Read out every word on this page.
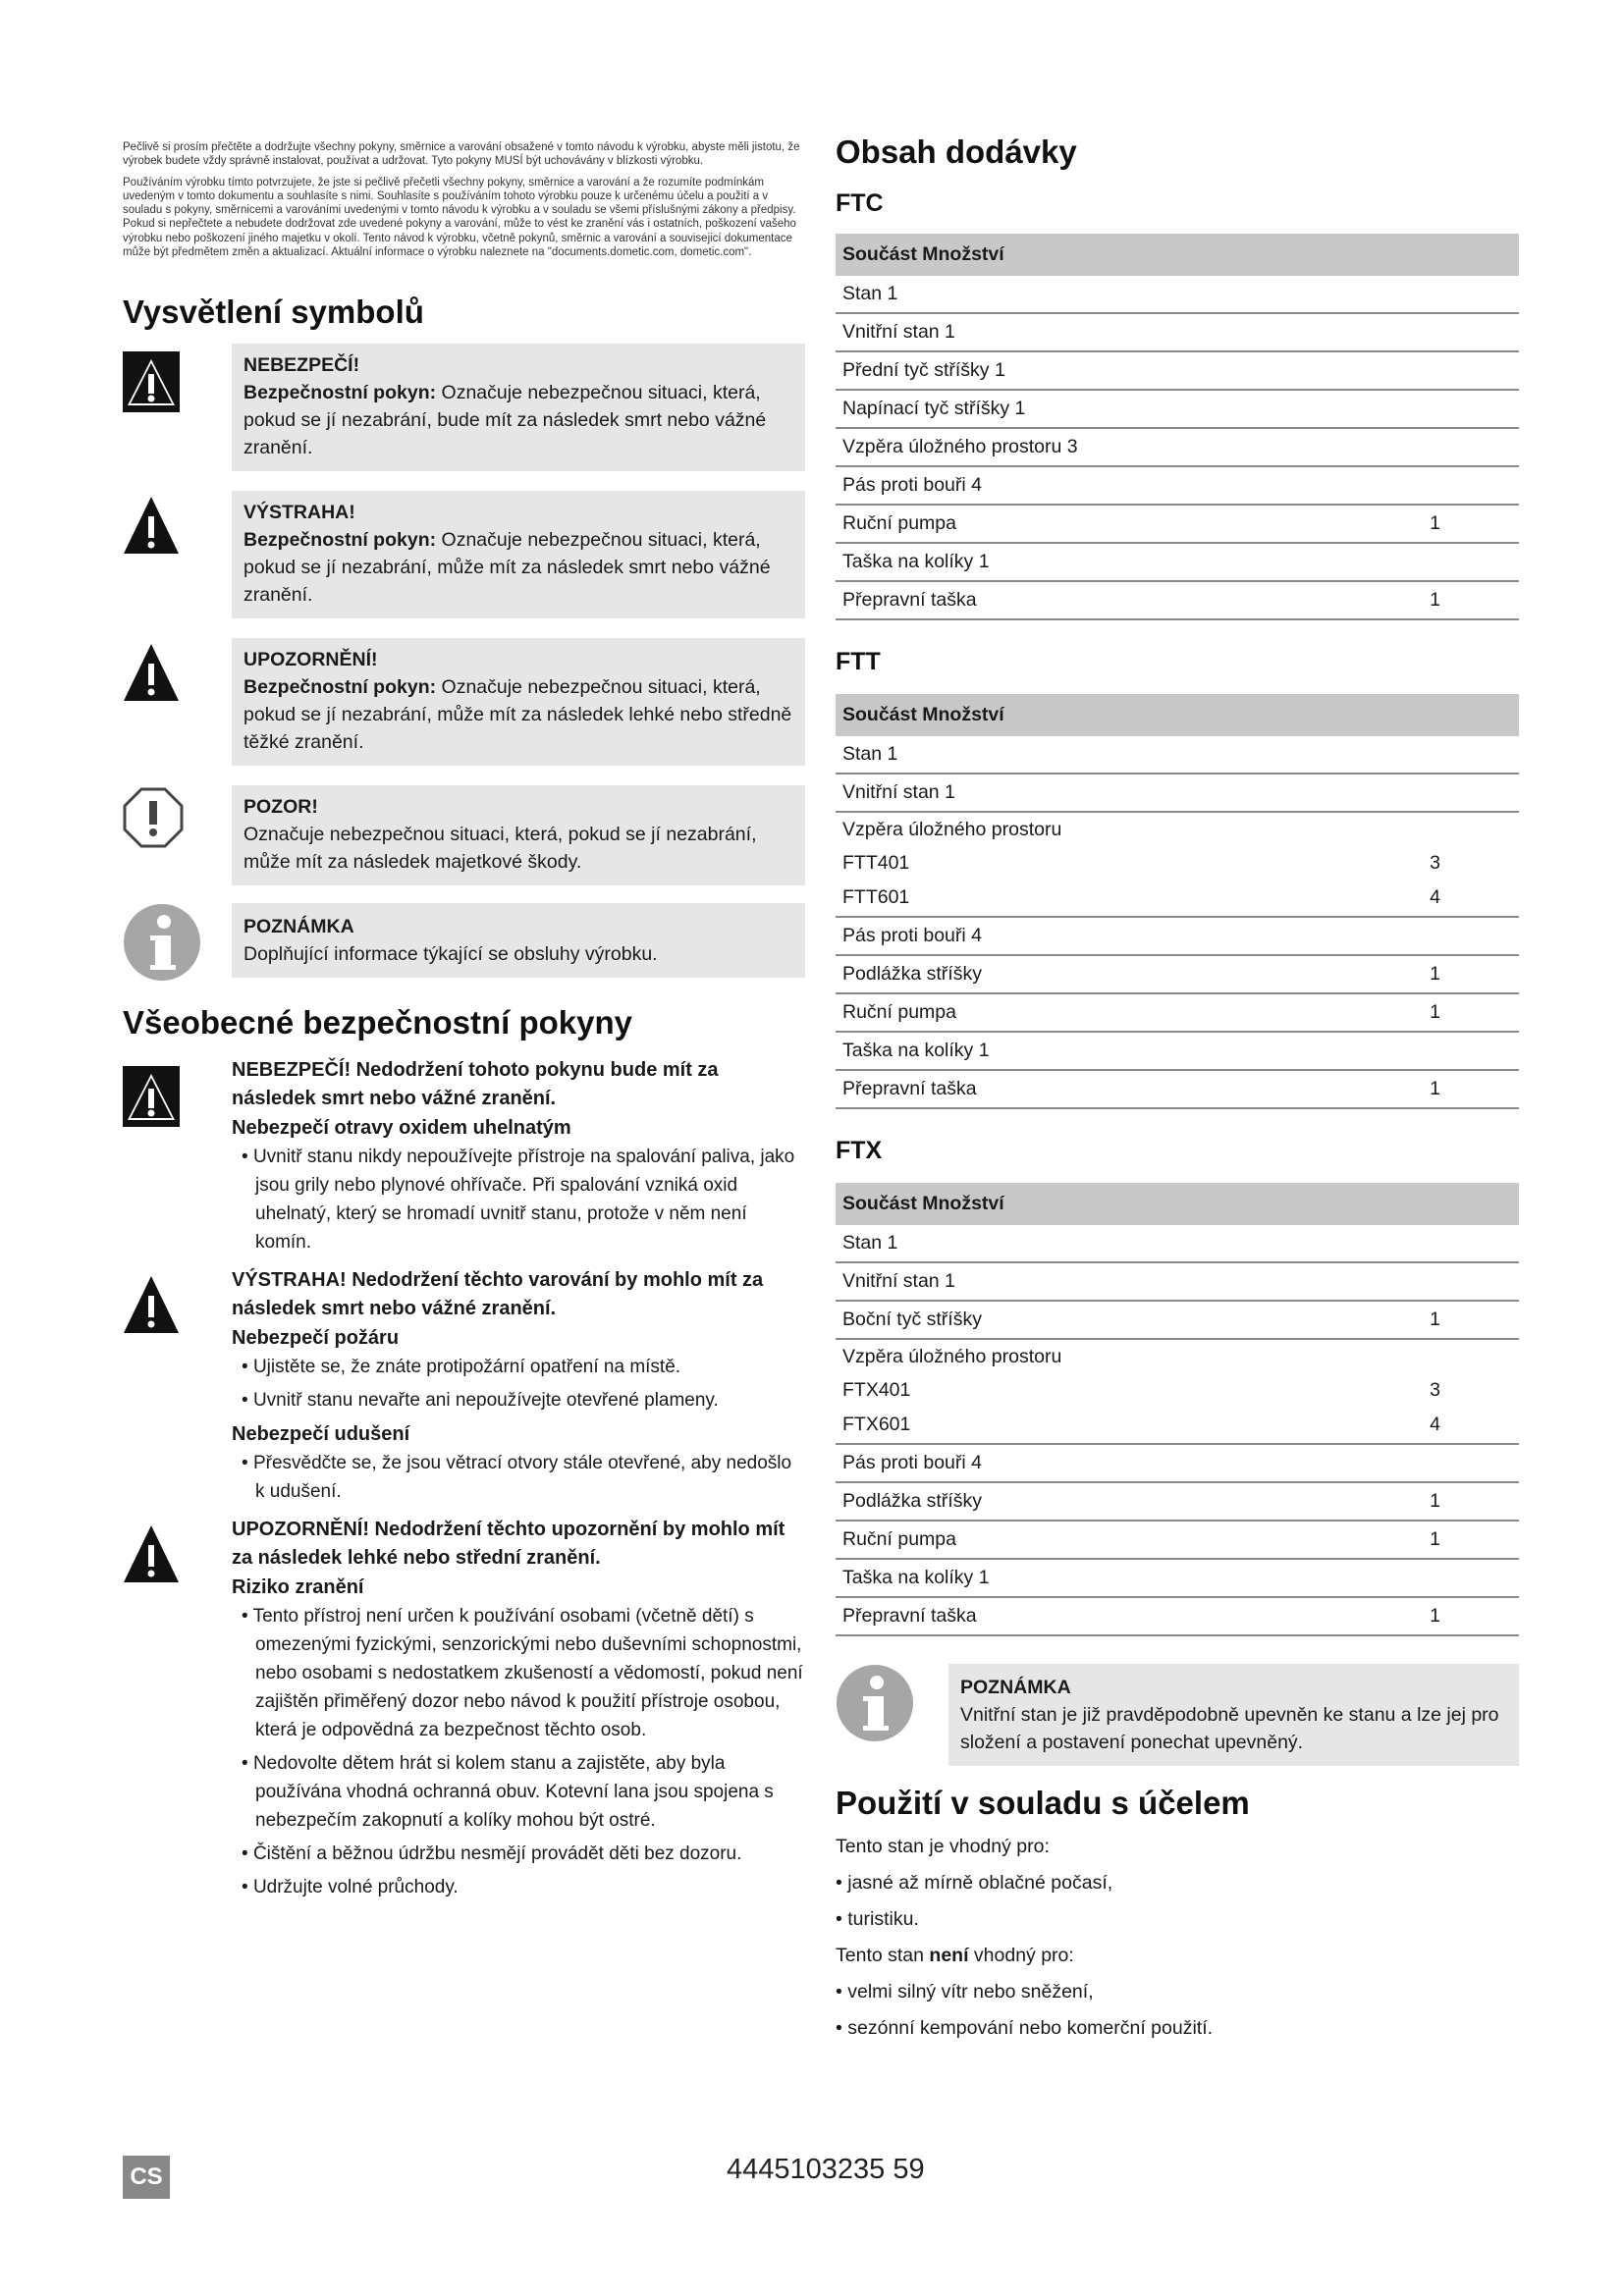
Pečlivě si prosím přečtěte a dodržujte všechny pokyny, směrnice a varování obsažené v tomto návodu k výrobku, abyste měli jistotu, že výrobek budete vždy správně instalovat, používat a udržovat. Tyto pokyny MUSÍ být uchovávány v blízkosti výrobku.

Používáním výrobku tímto potvrzujete, že jste si pečlivě přečetli všechny pokyny, směrnice a varování a že rozumíte podmínkám uvedeným v tomto dokumentu a souhlasíte s nimi. Souhlasíte s používáním tohoto výrobku pouze k určenému účelu a použití a v souladu s pokyny, směrnicemi a varováními uvedenými v tomto návodu k výrobku a v souladu se všemi příslušnými zákony a předpisy. Pokud si nepřečtete a nebudete dodržovat zde uvedené pokyny a varování, může to vést ke zranění vás i ostatních, poškození vašeho výrobku nebo poškození jiného majetku v okolí. Tento návod k výrobku, včetně pokynů, směrnic a varování a souvisejicí dokumentace může být předmětem změn a aktualizací. Aktuální informace o výrobku naleznete na "documents.dometic.com, dometic.com".

Vysvětlení symbolů
NEBEZPEČÍ!
Bezpečnostní pokyn: Označuje nebezpečnou situaci, která, pokud se jí nezabrání, bude mít za následek smrt nebo vážné zranění.
VÝSTRAHA!
Bezpečnostní pokyn: Označuje nebezpečnou situaci, která, pokud se jí nezabrání, může mít za následek smrt nebo vážné zranění.
UPOZORNĚNÍ!
Bezpečnostní pokyn: Označuje nebezpečnou situaci, která, pokud se jí nezabrání, může mít za následek lehké nebo středně těžké zranění.
POZOR!
Označuje nebezpečnou situaci, která, pokud se jí nezabrání, může mít za následek majetkové škody.
POZNÁMKA
Doplňující informace týkající se obsluhy výrobku.
Všeobecné bezpečnostní pokyny
NEBEZPEČÍ! Nedodržení tohoto pokynu bude mít za následek smrt nebo vážné zranění.
Nebezpečí otravy oxidem uhelnatým
• Uvnitř stanu nikdy nepoužívejte přístroje na spalování paliva, jako jsou grily nebo plynové ohřívače. Při spalování vzniká oxid uhelnatý, který se hromadí uvnitř stanu, protože v něm není komín.
VÝSTRAHA! Nedodržení těchto varování by mohlo mít za následek smrt nebo vážné zranění.
Nebezpečí požáru
• Ujistěte se, že znáte protipožární opatření na místě.
• Uvnitř stanu nevařte ani nepoužívejte otevřené plameny.
Nebezpečí udušení
• Přesvědčte se, že jsou větrací otvory stále otevřené, aby nedošlo k udušení.
UPOZORNĚNÍ! Nedodržení těchto upozornění by mohlo mít za následek lehké nebo střední zranění.
Riziko zranění
• Tento přístroj není určen k používání osobami (včetně dětí) s omezenými fyzickými, senzorickými nebo duševními schopnostmi, nebo osobami s nedostatkem zkušeností a vědomostí, pokud není zajištěn přiměřený dozor nebo návod k použití přístroje osobou, která je odpovědná za bezpečnost těchto osob.
• Nedovolte dětem hrát si kolem stanu a zajistěte, aby byla používána vhodná ochranná obuv. Kotevní lana jsou spojena s nebezpečím zakopnutí a kolíky mohou být ostré.
• Čištění a běžnou údržbu nesmějí provádět děti bez dozoru.
• Udržujte volné průchody.
Obsah dodávky
FTC
Součást Množství	
Stan 1	
Vnitřní stan 1	
Přední tyč stříšky 1	
Napínací tyč stříšky 1	
Vzpěra úložného prostoru 3	
Pás proti bouři 4	
Ruční pumpa	1
Taška na kolíky 1	
Přepravní taška	1
FTT
Součást Množství	
Stan 1	
Vnitřní stan 1	
Vzpěra úložného prostoru	
FTT401	3
FTT601	4
Pás proti bouři 4	
Podlážka stříšky	1
Ruční pumpa	1
Taška na kolíky 1	
Přepravní taška	1
FTX
Součást Množství	
Stan 1	
Vnitřní stan 1	
Boční tyč stříšky	1
Vzpěra úložného prostoru	
FTX401	3
FTX601	4
Pás proti bouři 4	
Podlážka stříšky	1
Ruční pumpa	1
Taška na kolíky 1	
Přepravní taška	1
POZNÁMKA
Vnitřní stan je již pravděpodobně upevněn ke stanu a lze jej pro složení a postavení ponechat upevněný.
Použití v souladu s účelem

Tento stan je vhodný pro:

• jasné až mírně oblačné počasí,
• turistiku.

Tento stan není vhodný pro:

• velmi silný vítr nebo sněžení,
• sezónní kempování nebo komerční použití.
CS	4445103235 59
